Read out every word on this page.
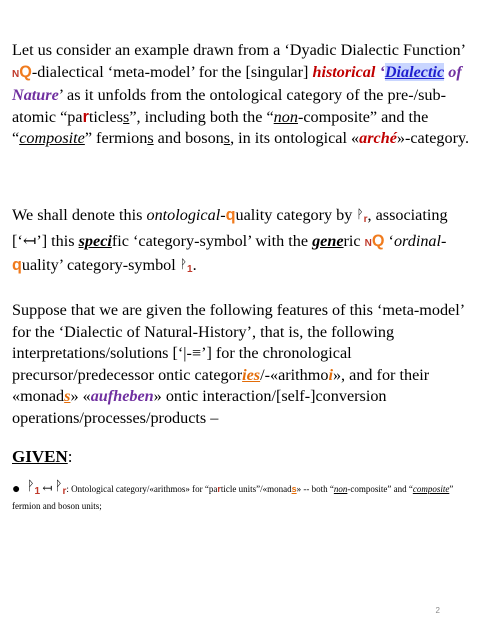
Let us consider an example drawn from a ‘Dyadic Dialectic Function’ NQ-dialectical ‘meta-model’ for the [singular] historical ‘Dialectic of Nature’ as it unfolds from the ontological category of the pre-/sub-atomic “particless”, including both the “non-composite” and the “composite” fermions and bosons, in its ontological «arché»-category.
We shall denote this ontological-quality category by ᚹ$_r$, associating [‘↤’] this specific ‘category-symbol’ with the generic NQ ‘ordinal-quality’ category-symbol ᚹ$_1$.
Suppose that we are given the following features of this ‘meta-model’ for the ‘Dialectic of Natural-History’, that is, the following interpretations/solutions [‘|-≡’] for the chronological precursor/predecessor ontic categories/-«arithmoi», and for their «monads» «aufheben» ontic interaction/[self-]conversion operations/processes/products –
GIVEN:
● ᚹ1 ↤ ᚹr: Ontological category/«arithmos» for “particle units”/«monads» -- both “non-composite” and “composite” fermion and boson units;
2
